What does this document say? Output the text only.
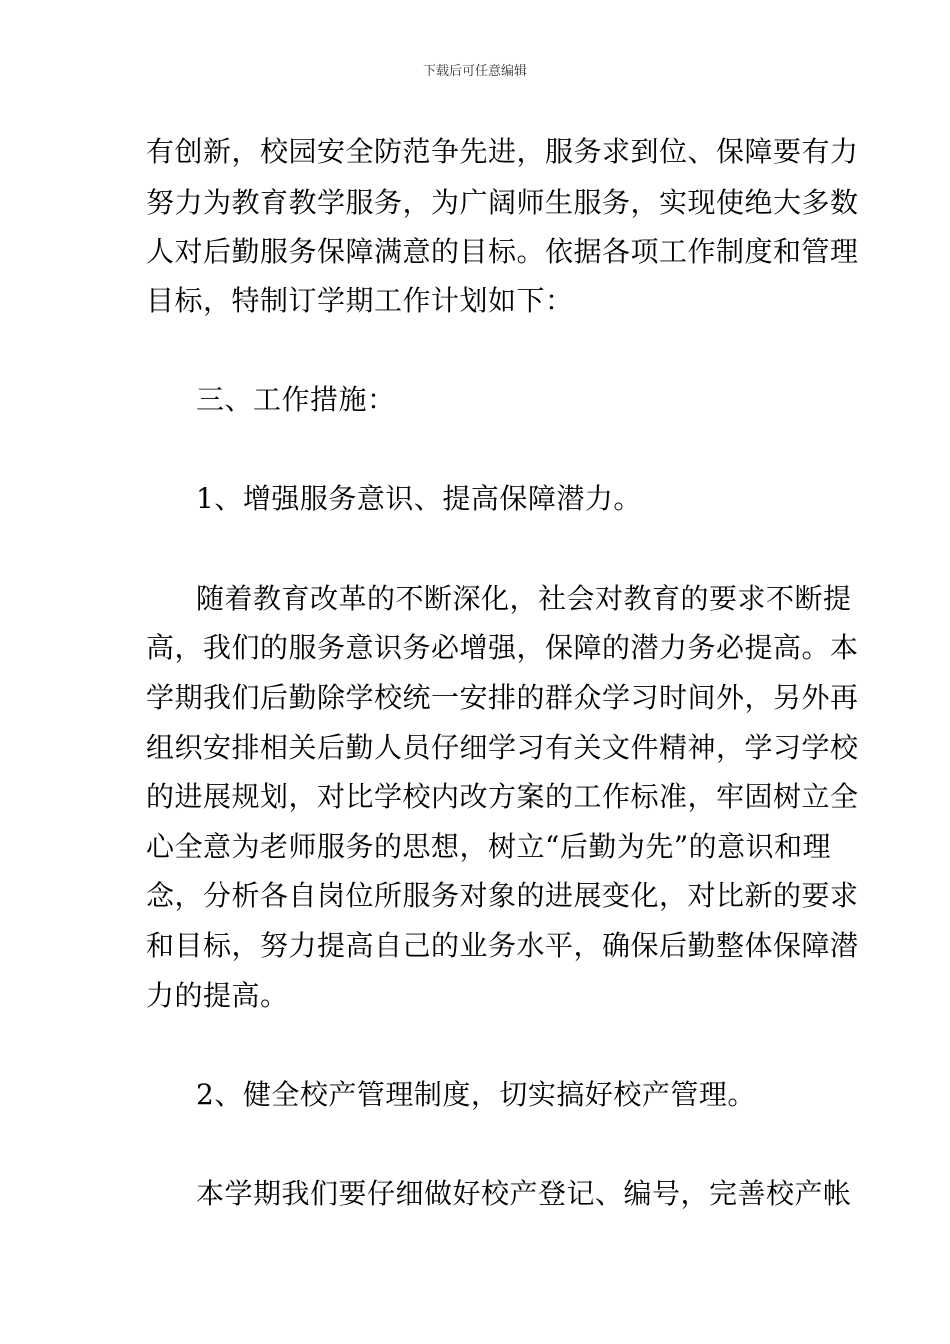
下载后可任意编辑
有创新，校园安全防范争先进，服务求到位、保障要有力
努力为教育教学服务，为广阔师生服务，实现使绝大多数
人对后勤服务保障满意的目标。依据各项工作制度和管理
目标，特制订学期工作计划如下：
三、工作措施：
1、增强服务意识、提高保障潜力。
随着教育改革的不断深化，社会对教育的要求不断提
高，我们的服务意识务必增强，保障的潜力务必提高。本
学期我们后勤除学校统一安排的群众学习时间外，另外再
组织安排相关后勤人员仔细学习有关文件精神，学习学校
的进展规划，对比学校内改方案的工作标准，牢固树立全
心全意为老师服务的思想，树立“后勤为先”的意识和理
念，分析各自岗位所服务对象的进展变化，对比新的要求
和目标，努力提高自己的业务水平，确保后勤整体保障潜
力的提高。
2、健全校产管理制度，切实搞好校产管理。
本学期我们要仔细做好校产登记、编号，完善校产帐
